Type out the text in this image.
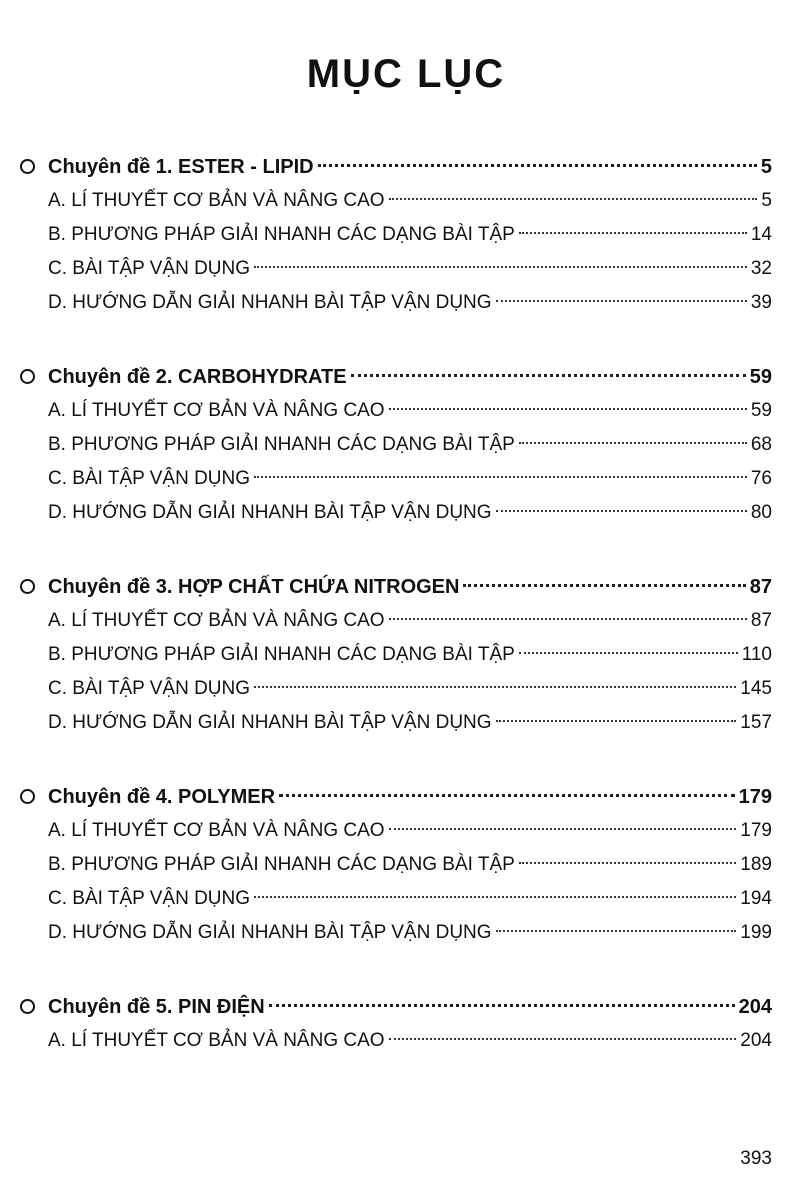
MỤC LỤC
Chuyên đề 1. ESTER - LIPID	5
A. LÍ THUYẾT CƠ BẢN VÀ NÂNG CAO	5
B. PHƯƠNG PHÁP GIẢI NHANH CÁC DẠNG BÀI TẬP	14
C. BÀI TẬP VẬN DỤNG	32
D. HƯỚNG DẪN GIẢI NHANH BÀI TẬP VẬN DỤNG	39
Chuyên đề 2. CARBOHYDRATE	59
A. LÍ THUYẾT CƠ BẢN VÀ NÂNG CAO	59
B. PHƯƠNG PHÁP GIẢI NHANH CÁC DẠNG BÀI TẬP	68
C. BÀI TẬP VẬN DỤNG	76
D. HƯỚNG DẪN GIẢI NHANH BÀI TẬP VẬN DỤNG	80
Chuyên đề 3. HỢP CHẤT CHỨA NITROGEN	87
A. LÍ THUYẾT CƠ BẢN VÀ NÂNG CAO	87
B. PHƯƠNG PHÁP GIẢI NHANH CÁC DẠNG BÀI TẬP	110
C. BÀI TẬP VẬN DỤNG	145
D. HƯỚNG DẪN GIẢI NHANH BÀI TẬP VẬN DỤNG	157
Chuyên đề 4. POLYMER	179
A. LÍ THUYẾT CƠ BẢN VÀ NÂNG CAO	179
B. PHƯƠNG PHÁP GIẢI NHANH CÁC DẠNG BÀI TẬP	189
C. BÀI TẬP VẬN DỤNG	194
D. HƯỚNG DẪN GIẢI NHANH BÀI TẬP VẬN DỤNG	199
Chuyên đề 5. PIN ĐIỆN	204
A. LÍ THUYẾT CƠ BẢN VÀ NÂNG CAO	204
393
